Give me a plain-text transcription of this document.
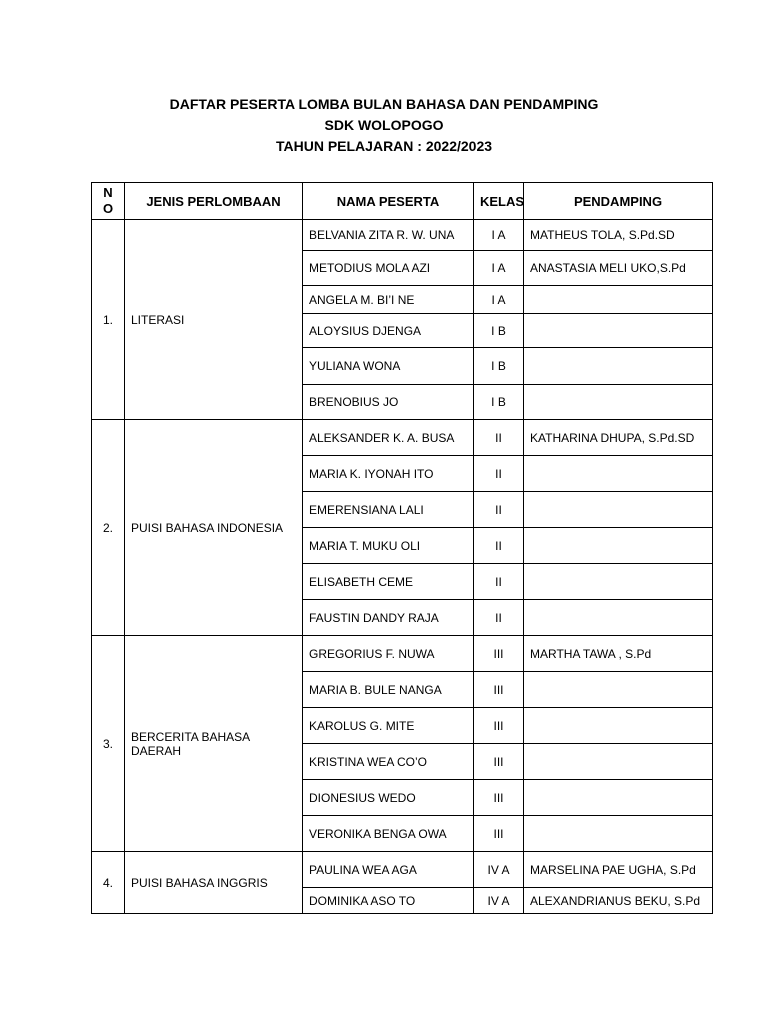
DAFTAR PESERTA LOMBA BULAN BAHASA DAN PENDAMPING
SDK WOLOPOGO
TAHUN PELAJARAN : 2022/2023
N
O	JENIS PERLOMBAAN	NAMA PESERTA	KELAS	PENDAMPING
1.	LITERASI	BELVANIA ZITA R. W. UNA	I A	MATHEUS TOLA, S.Pd.SD
		METODIUS MOLA AZI	I A	ANASTASIA MELI UKO,S.Pd
		ANGELA M. BI’I NE	I A	
		ALOYSIUS DJENGA	I B	
		YULIANA WONA	I B	
		BRENOBIUS JO	I B	
2.	PUISI BAHASA INDONESIA	ALEKSANDER K. A. BUSA	II	KATHARINA DHUPA, S.Pd.SD
		MARIA K. IYONAH ITO	II	
		EMERENSIANA LALI	II	
		MARIA T. MUKU OLI	II	
		ELISABETH CEME	II	
		FAUSTIN DANDY RAJA	II	
3.	BERCERITA BAHASA DAERAH	GREGORIUS F. NUWA	III	MARTHA TAWA , S.Pd
		MARIA B. BULE NANGA	III	
		KAROLUS G. MITE	III	
		KRISTINA WEA CO’O	III	
		DIONESIUS WEDO	III	
		VERONIKA BENGA OWA	III	
4.	PUISI BAHASA INGGRIS	PAULINA WEA AGA	IV A	MARSELINA PAE UGHA, S.Pd
		DOMINIKA ASO TO	IV A	ALEXANDRIANUS BEKU, S.Pd
